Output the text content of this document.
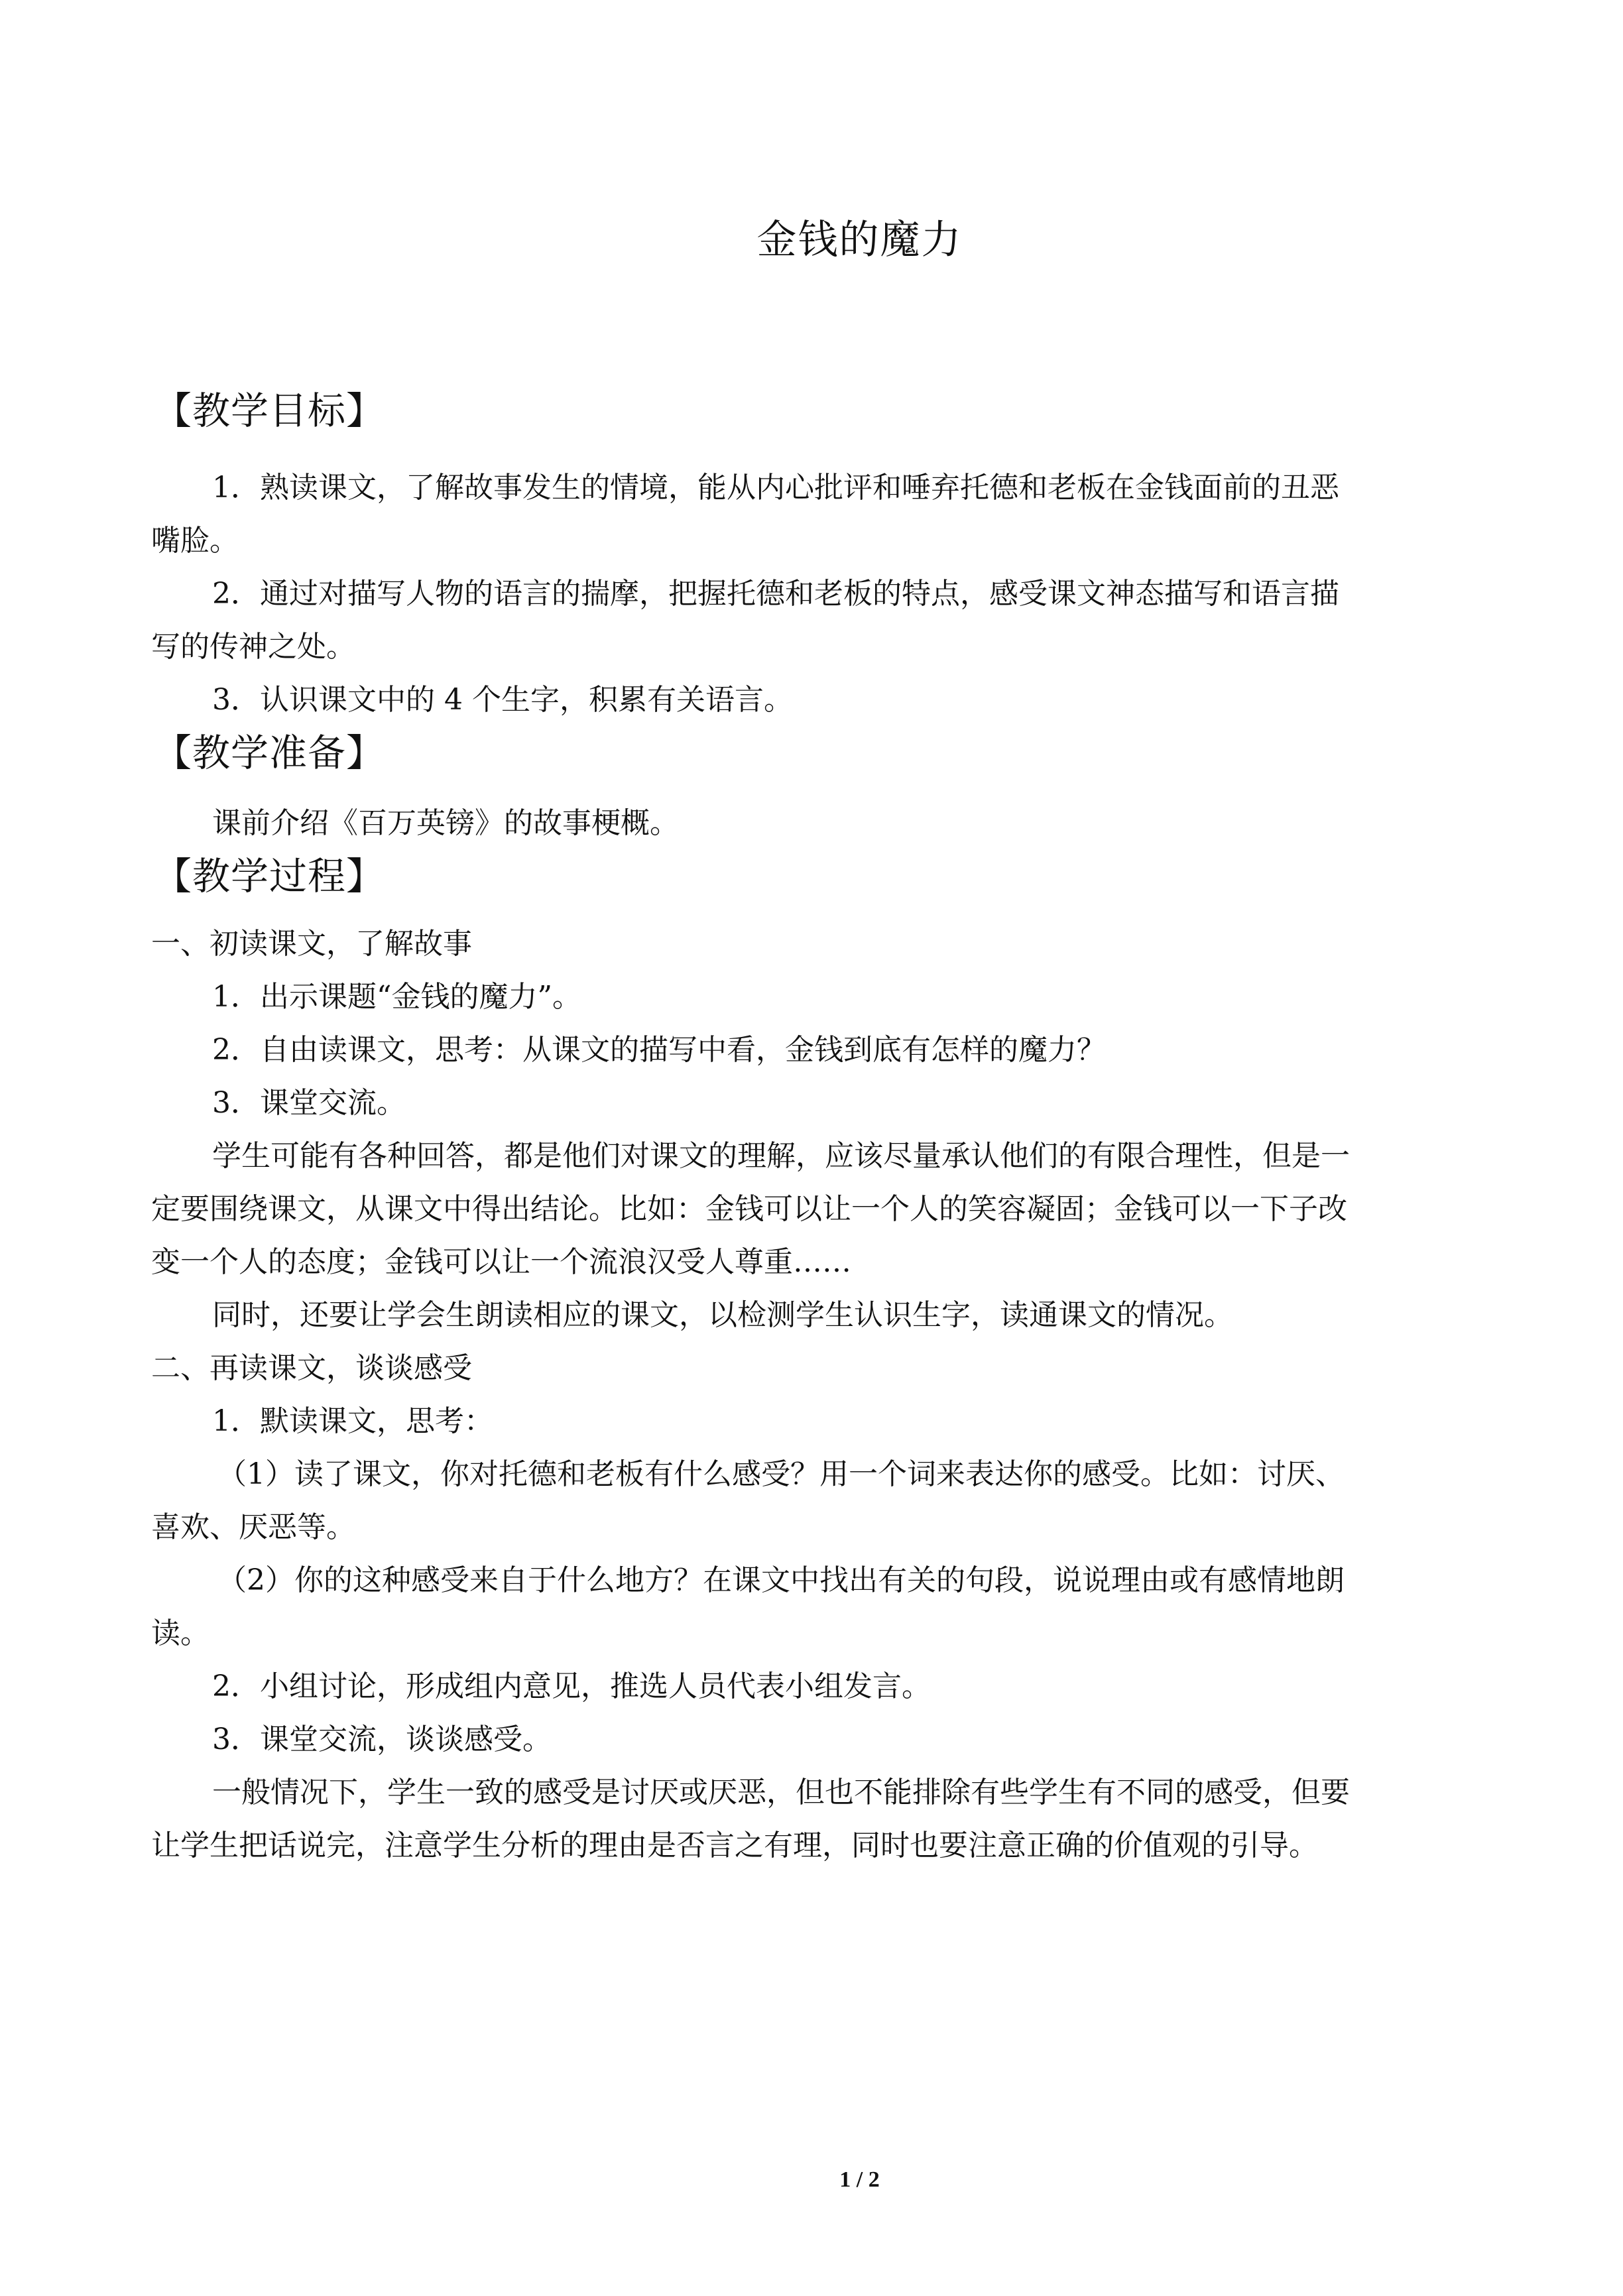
金钱的魔力
【教学目标】
1．熟读课文，了解故事发生的情境，能从内心批评和唾弃托德和老板在金钱面前的丑恶
嘴脸。
2．通过对描写人物的语言的揣摩，把握托德和老板的特点，感受课文神态描写和语言描
写的传神之处。
3．认识课文中的 4 个生字，积累有关语言。
【教学准备】
课前介绍《百万英镑》的故事梗概。
【教学过程】
一、初读课文，了解故事
1．出示课题“金钱的魔力”。
2．自由读课文，思考：从课文的描写中看，金钱到底有怎样的魔力？
3．课堂交流。
学生可能有各种回答，都是他们对课文的理解，应该尽量承认他们的有限合理性，但是一
定要围绕课文，从课文中得出结论。比如：金钱可以让一个人的笑容凝固；金钱可以一下子改
变一个人的态度；金钱可以让一个流浪汉受人尊重……
同时，还要让学会生朗读相应的课文，以检测学生认识生字，读通课文的情况。
二、再读课文，谈谈感受
1．默读课文，思考：
（1）读了课文，你对托德和老板有什么感受？用一个词来表达你的感受。比如：讨厌、
喜欢、厌恶等。
（2）你的这种感受来自于什么地方？在课文中找出有关的句段，说说理由或有感情地朗
读。
2．小组讨论，形成组内意见，推选人员代表小组发言。
3．课堂交流，谈谈感受。
一般情况下，学生一致的感受是讨厌或厌恶，但也不能排除有些学生有不同的感受，但要
让学生把话说完，注意学生分析的理由是否言之有理，同时也要注意正确的价值观的引导。
1 / 2
